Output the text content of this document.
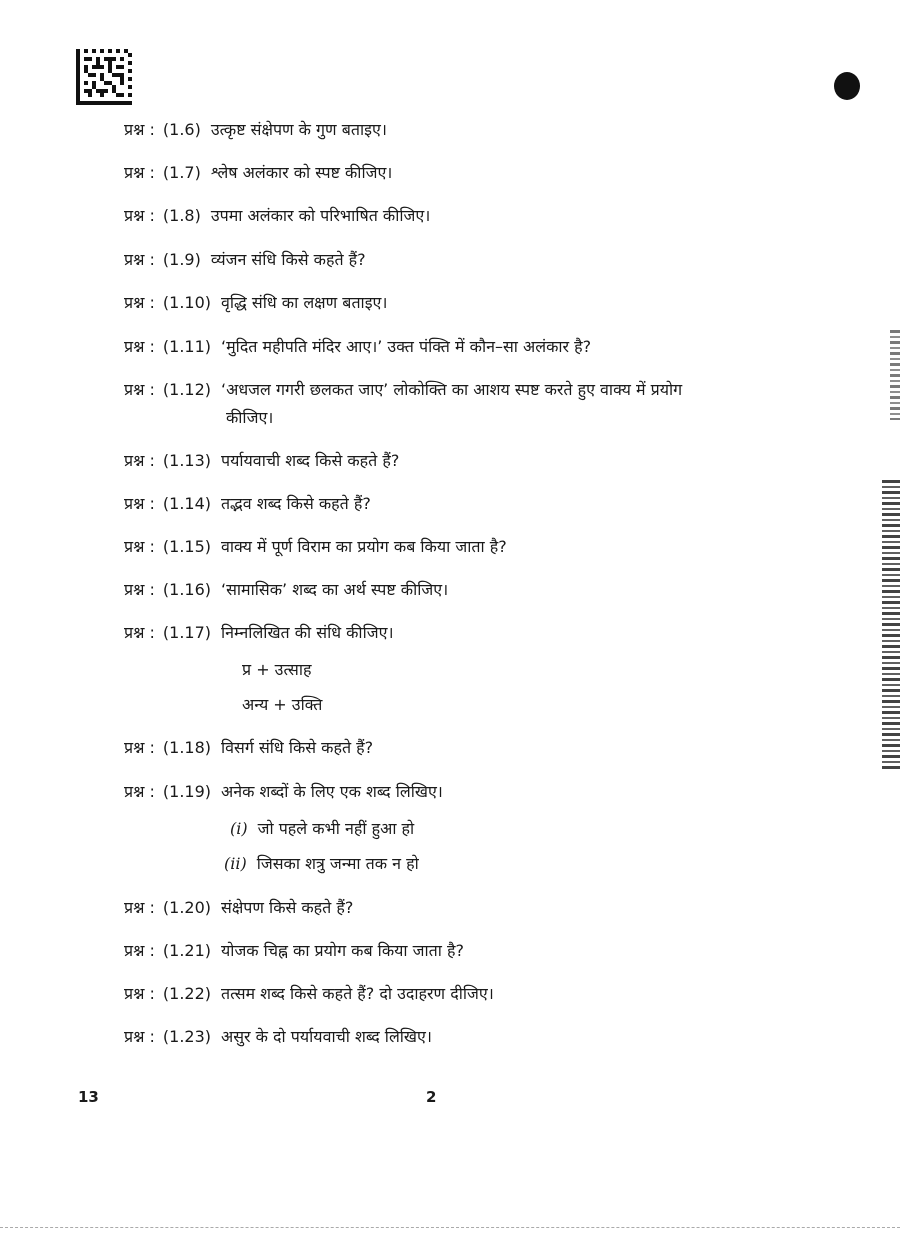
प्रश्न : (1.6) उत्कृष्ट संक्षेपण के गुण बताइए।
प्रश्न : (1.7) श्लेष अलंकार को स्पष्ट कीजिए।
प्रश्न : (1.8) उपमा अलंकार को परिभाषित कीजिए।
प्रश्न : (1.9) व्यंजन संधि किसे कहते हैं?
प्रश्न : (1.10) वृद्धि संधि का लक्षण बताइए।
प्रश्न : (1.11) ‘मुदित महीपति मंदिर आए।’ उक्त पंक्ति में कौन–सा अलंकार है?
प्रश्न : (1.12) ‘अधजल गगरी छलकत जाए’ लोकोक्ति का आशय स्पष्ट करते हुए वाक्य में प्रयोग
कीजिए।
प्रश्न : (1.13) पर्यायवाची शब्द किसे कहते हैं?
प्रश्न : (1.14) तद्भव शब्द किसे कहते हैं?
प्रश्न : (1.15) वाक्य में पूर्ण विराम का प्रयोग कब किया जाता है?
प्रश्न : (1.16) ‘सामासिक’ शब्द का अर्थ स्पष्ट कीजिए।
प्रश्न : (1.17) निम्नलिखित की संधि कीजिए।
प्र + उत्साह
अन्य + उक्ति
प्रश्न : (1.18) विसर्ग संधि किसे कहते हैं?
प्रश्न : (1.19) अनेक शब्दों के लिए एक शब्द लिखिए।
(i) जो पहले कभी नहीं हुआ हो
(ii) जिसका शत्रु जन्मा तक न हो
प्रश्न : (1.20) संक्षेपण किसे कहते हैं?
प्रश्न : (1.21) योजक चिह्न का प्रयोग कब किया जाता है?
प्रश्न : (1.22) तत्सम शब्द किसे कहते हैं? दो उदाहरण दीजिए।
प्रश्न : (1.23) असुर के दो पर्यायवाची शब्द लिखिए।
13	2
